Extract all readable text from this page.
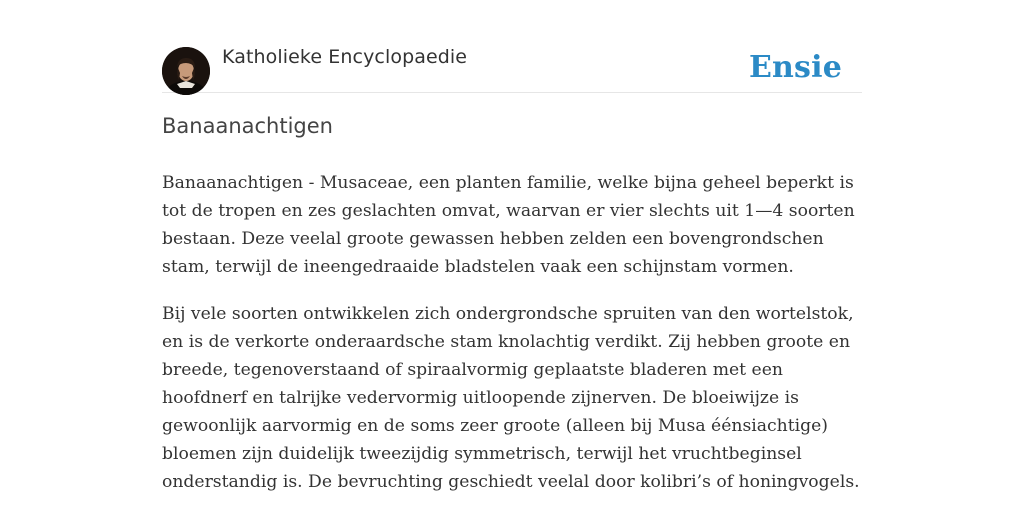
Katholieke Encyclopaedie	Ensie
Banaanachtigen

Banaanachtigen - Musaceae, een planten familie, welke bijna geheel beperkt is tot de tropen en zes geslachten omvat, waarvan er vier slechts uit 1—4 soorten bestaan. Deze veelal groote gewassen hebben zelden een bovengrondschen stam, terwijl de ineengedraaide bladstelen vaak een schijnstam vormen.

Bij vele soorten ontwikkelen zich ondergrondsche spruiten van den wortelstok, en is de verkorte onderaardsche stam knolachtig verdikt. Zij hebben groote en breede, tegenoverstaand of spiraalvormig geplaatste bladeren met een hoofdnerf en talrijke vedervormig uitloopende zijnerven. De bloeiwijze is gewoonlijk aarvormig en de soms zeer groote (alleen bij Musa éénsiachtige) bloemen zijn duidelijk tweezijdig symmetrisch, terwijl het vruchtbeginsel onderstandig is. De bevruchting geschiedt veelal door kolibri’s of honingvogels.
